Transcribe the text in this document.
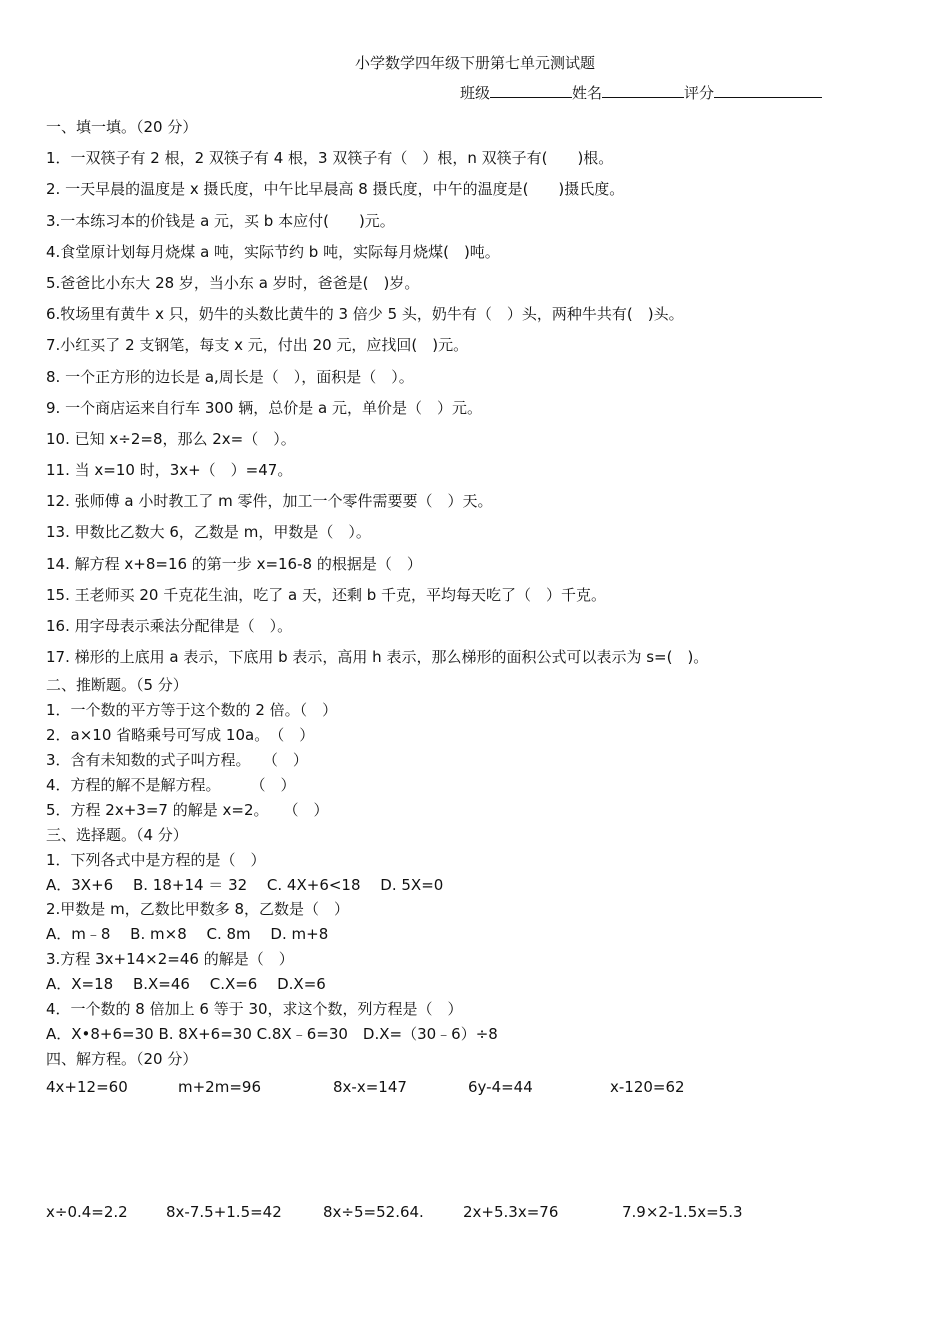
小学数学四年级下册第七单元测试题
班级	姓名	评分
一、填一填。（20 分）
1．一双筷子有 2 根，2 双筷子有 4 根，3 双筷子有（　）根，n 双筷子有(　　)根。
2. 一天早晨的温度是 x 摄氏度，中午比早晨高 8 摄氏度，中午的温度是(　　)摄氏度。
3.一本练习本的价钱是 a 元，买 b 本应付(　　)元。
4.食堂原计划每月烧煤 a 吨，实际节约 b 吨，实际每月烧煤(　)吨。
5.爸爸比小东大 28 岁，当小东 a 岁时，爸爸是(　)岁。
6.牧场里有黄牛 x 只，奶牛的头数比黄牛的 3 倍少 5 头，奶牛有（　）头，两种牛共有(　)头。
7.小红买了 2 支钢笔，每支 x 元，付出 20 元，应找回(　)元。
8. 一个正方形的边长是 a,周长是（　），面积是（　）。
9. 一个商店运来自行车 300 辆，总价是 a 元，单价是（　）元。
10. 已知 x÷2=8，那么 2x=（　）。
11. 当 x=10 时，3x+（　）=47。
12. 张师傅 a 小时教工了 m 零件，加工一个零件需要要（　）天。
13. 甲数比乙数大 6，乙数是 m，甲数是（　）。
14. 解方程 x+8=16 的第一步 x=16-8 的根据是（　）
15. 王老师买 20 千克花生油，吃了 a 天，还剩 b 千克，平均每天吃了（　）千克。
16. 用字母表示乘法分配律是（　）。
17. 梯形的上底用 a 表示，下底用 b 表示，高用 h 表示，那么梯形的面积公式可以表示为 s=(　)。
二、推断题。（5 分）
1．一个数的平方等于这个数的 2 倍。（　）
2．a×10 省略乘号可写成 10a。　（　）
3．含有未知数的式子叫方程。　 （　）
4．方程的解不是解方程。　　　（　）
5．方程 2x+3=7 的解是 x=2。　　（　）
三、选择题。（4 分）
1．下列各式中是方程的是（　）
A．3X+6　 B. 18+14 ＝ 32　 C. 4X+6<18　 D. 5X=0
2.甲数是 m，乙数比甲数多 8，乙数是（　）
A．m﹣8　 B. m×8　 C. 8m　 D. m+8
3.方程 3x+14×2=46 的解是（　）
A．X=18　 B.X=46　 C.X=6　 D.X=6
4．一个数的 8 倍加上 6 等于 30，求这个数，列方程是（　）
A．X•8+6=30 B. 8X+6=30 C.8X﹣6=30　D.X=（30﹣6）÷8
四、解方程。（20 分）
4x+12=60	m+2m=96	8x-x=147	6y-4=44	x-120=62
x÷0.4=2.2	8x-7.5+1.5=42	8x÷5=52.64.	2x+5.3x=76	7.9×2-1.5x=5.3
